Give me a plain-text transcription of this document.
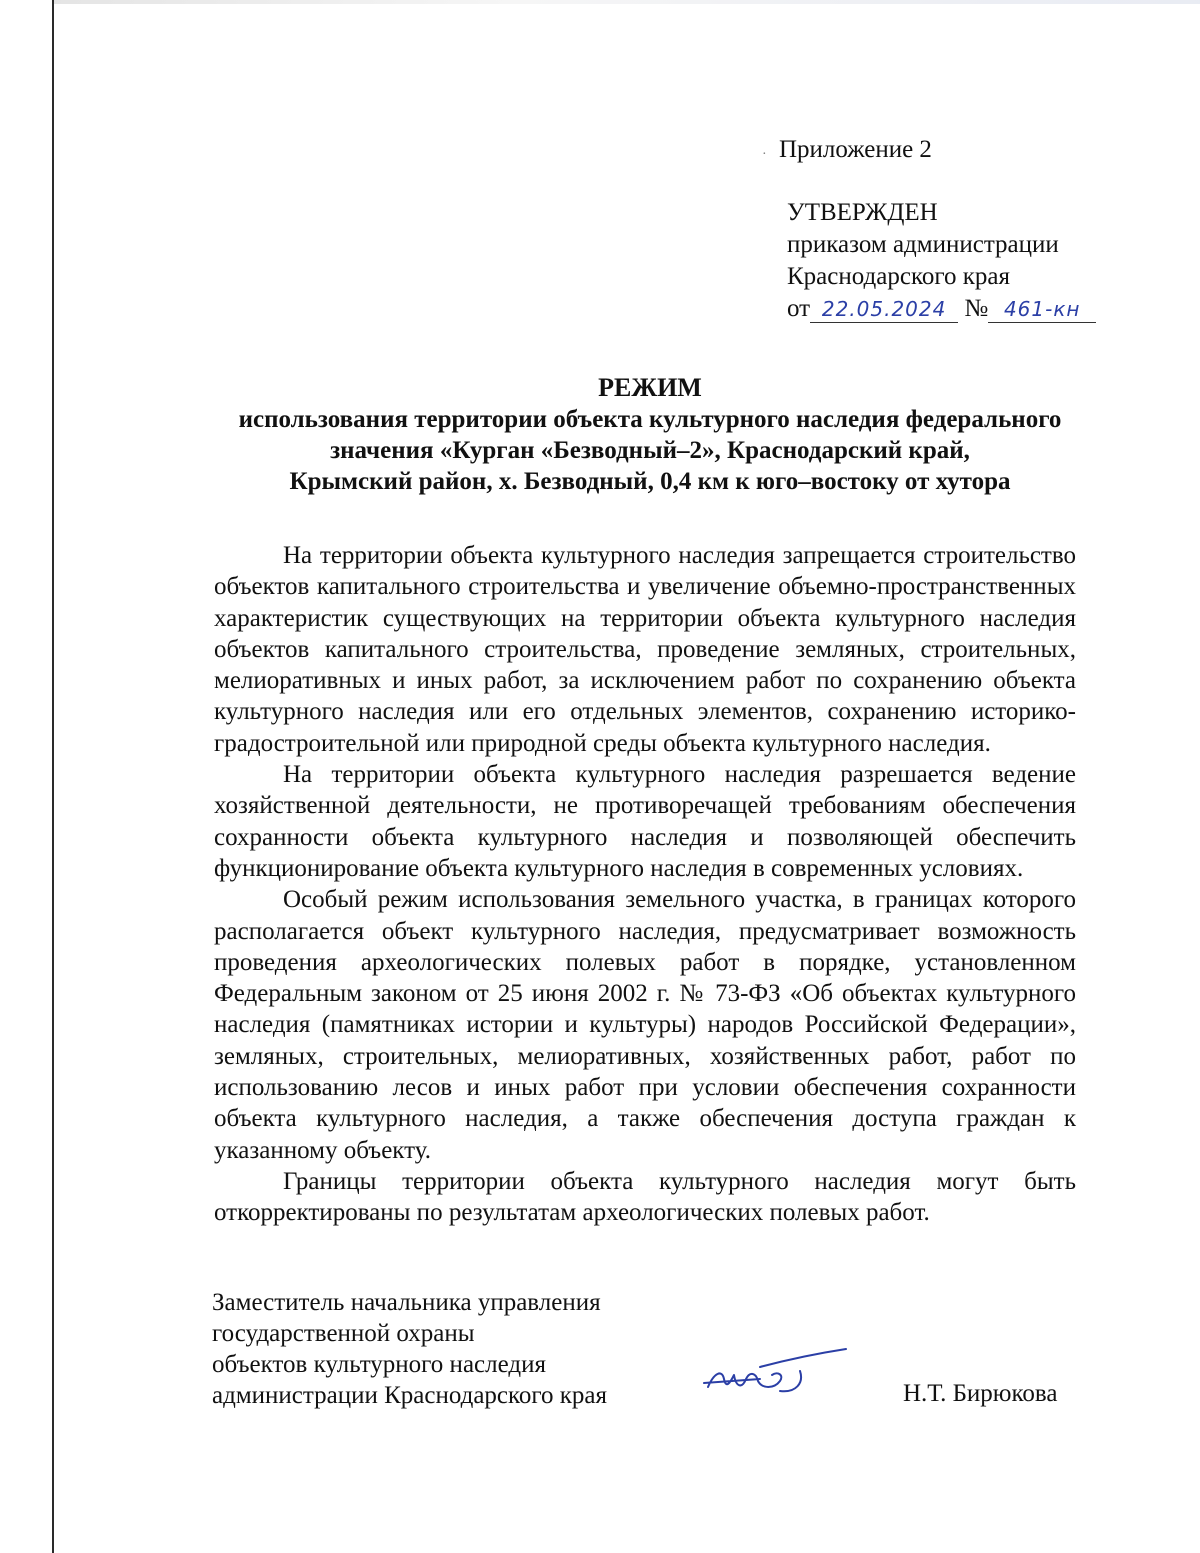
· Приложение 2
УТВЕРЖДЕН
приказом администрации
Краснодарского края
от 22.05.2024 № 461-кн
РЕЖИМ
использования территории объекта культурного наследия федерального
значения «Курган «Безводный–2», Краснодарский край,
Крымский район, х. Безводный, 0,4 км к юго–востоку от хутора

На территории объекта культурного наследия запрещается строительство объектов капитального строительства и увеличение объемно-пространственных характеристик существующих на территории объекта культурного наследия объектов капитального строительства, проведение земляных, строительных, мелиоративных и иных работ, за исключением работ по сохранению объекта культурного наследия или его отдельных элементов, сохранению историко-градостроительной или природной среды объекта культурного наследия.

На территории объекта культурного наследия разрешается ведение хозяйственной деятельности, не противоречащей требованиям обеспечения сохранности объекта культурного наследия и позволяющей обеспечить функционирование объекта культурного наследия в современных условиях.

Особый режим использования земельного участка, в границах которого располагается объект культурного наследия, предусматривает возможность проведения археологических полевых работ в порядке, установленном Федеральным законом от 25 июня 2002 г. № 73-ФЗ «Об объектах культурного наследия (памятниках истории и культуры) народов Российской Федерации», земляных, строительных, мелиоративных, хозяйственных работ, работ по использованию лесов и иных работ при условии обеспечения сохранности объекта культурного наследия, а также обеспечения доступа граждан к указанному объекту.

Границы территории объекта культурного наследия могут быть откорректированы по результатам археологических полевых работ.

Заместитель начальника управления
государственной охраны
объектов культурного наследия
администрации Краснодарского края	Н.Т. Бирюкова
